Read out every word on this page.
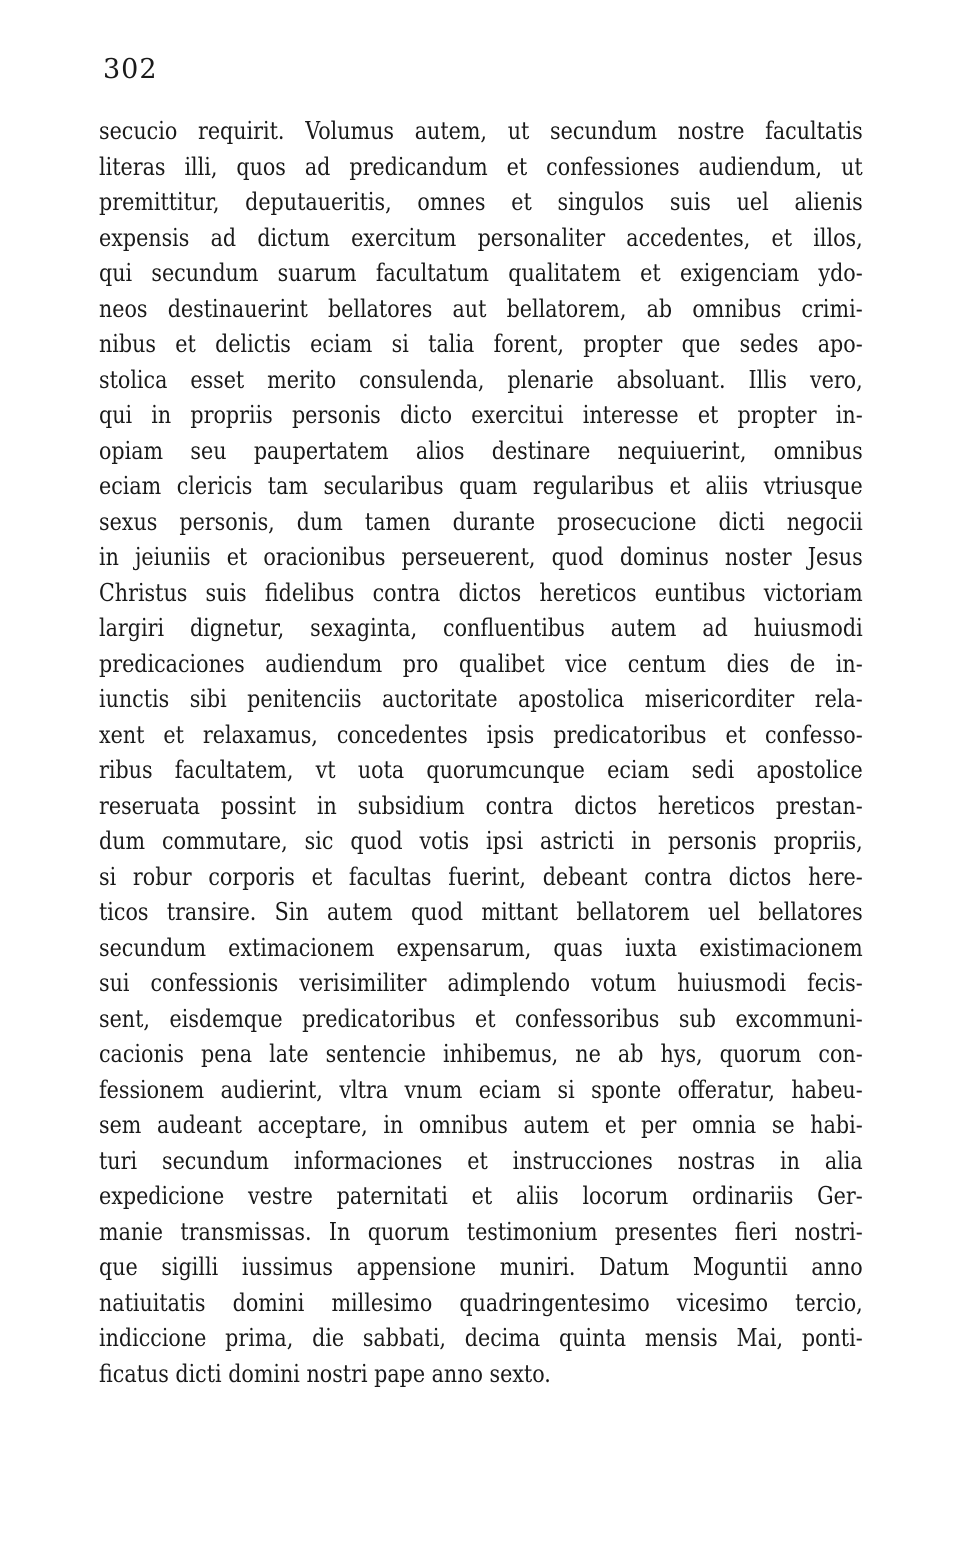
302
secucio requirit. Volumus autem, ut secundum nostre facultatis
literas illi, quos ad predicandum et confessiones audiendum, ut
premittitur, deputaueritis, omnes et singulos suis uel alienis
expensis ad dictum exercitum personaliter accedentes, et illos,
qui secundum suarum facultatum qualitatem et exigenciam ydo-
neos destinauerint bellatores aut bellatorem, ab omnibus crimi-
nibus et delictis eciam si talia forent, propter que sedes apo-
stolica esset merito consulenda, plenarie absoluant. Illis vero,
qui in propriis personis dicto exercitui interesse et propter in-
opiam seu paupertatem alios destinare nequiuerint, omnibus
eciam clericis tam secularibus quam regularibus et aliis vtriusque
sexus personis, dum tamen durante prosecucione dicti negocii
in jeiuniis et oracionibus perseuerent, quod dominus noster Jesus
Christus suis fidelibus contra dictos hereticos euntibus victoriam
largiri dignetur, sexaginta, confluentibus autem ad huiusmodi
predicaciones audiendum pro qualibet vice centum dies de in-
iunctis sibi penitenciis auctoritate apostolica misericorditer rela-
xent et relaxamus, concedentes ipsis predicatoribus et confesso-
ribus facultatem, vt uota quorumcunque eciam sedi apostolice
reseruata possint in subsidium contra dictos hereticos prestan-
dum commutare, sic quod votis ipsi astricti in personis propriis,
si robur corporis et facultas fuerint, debeant contra dictos here-
ticos transire. Sin autem quod mittant bellatorem uel bellatores
secundum extimacionem expensarum, quas iuxta existimacionem
sui confessionis verisimiliter adimplendo votum huiusmodi fecis-
sent, eisdemque predicatoribus et confessoribus sub excommuni-
cacionis pena late sentencie inhibemus, ne ab hys, quorum con-
fessionem audierint, vltra vnum eciam si sponte offeratur, habeu-
sem audeant acceptare, in omnibus autem et per omnia se habi-
turi secundum informaciones et instrucciones nostras in alia
expedicione vestre paternitati et aliis locorum ordinariis Ger-
manie transmissas. In quorum testimonium presentes fieri nostri-
que sigilli iussimus appensione muniri. Datum Moguntii anno
natiuitatis domini millesimo quadringentesimo vicesimo tercio,
indiccione prima, die sabbati, decima quinta mensis Mai, ponti-
ficatus dicti domini nostri pape anno sexto.
